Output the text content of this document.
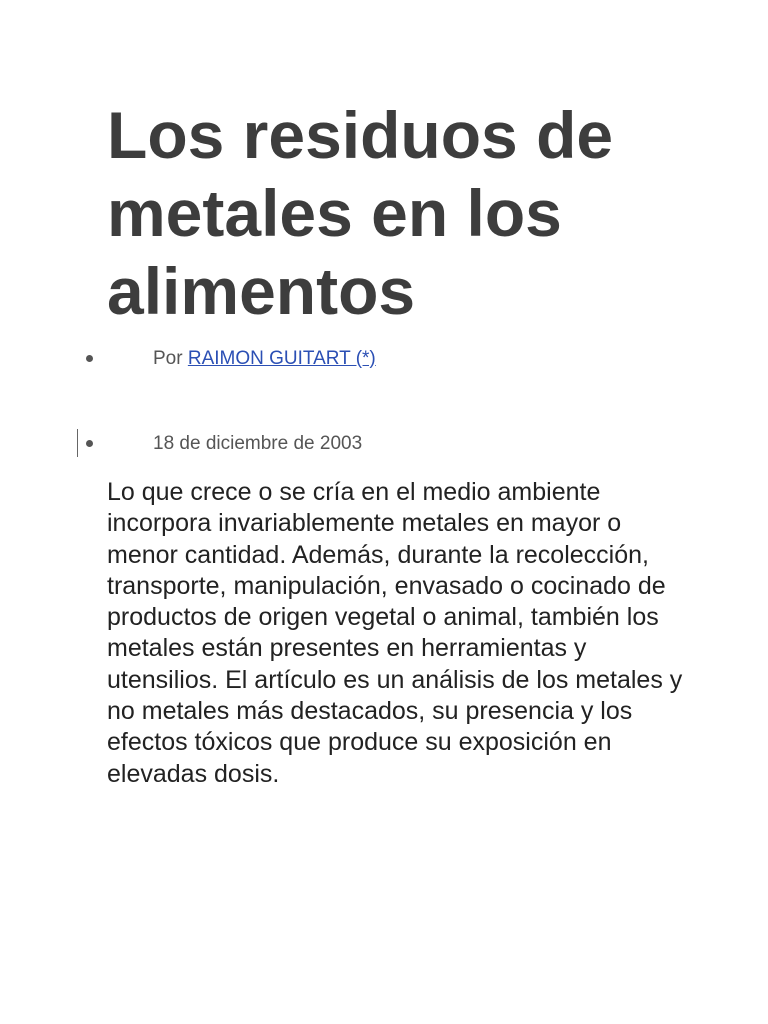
Los residuos de metales en los alimentos
Por RAIMON GUITART (*)
18 de diciembre de 2003

Lo que crece o se cría en el medio ambiente incorpora invariablemente metales en mayor o menor cantidad. Además, durante la recolección, transporte, manipulación, envasado o cocinado de productos de origen vegetal o animal, también los metales están presentes en herramientas y utensilios. El artículo es un análisis de los metales y no metales más destacados, su presencia y los efectos tóxicos que produce su exposición en elevadas dosis.
